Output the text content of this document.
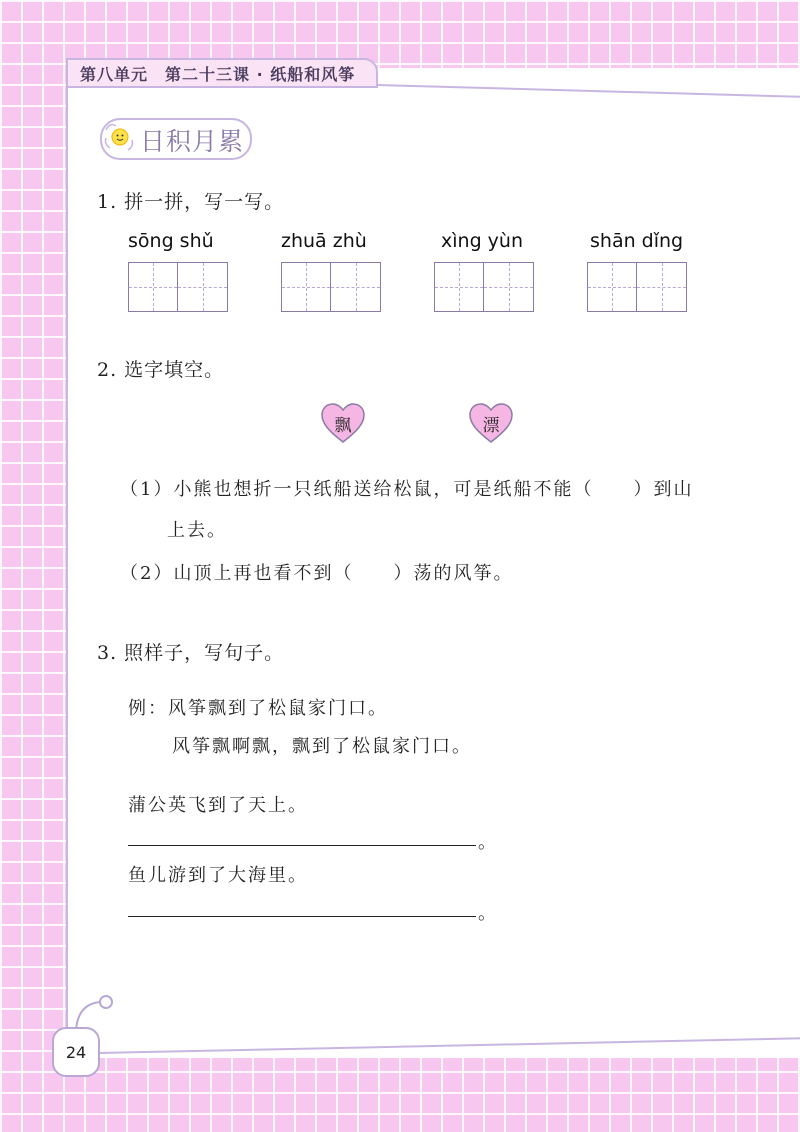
第八单元　第二十三课 · 纸船和风筝
日积月累
1. 拼一拼，写一写。
sōng shǔ	zhuā zhù	xìng yùn	shān dǐng
2. 选字填空。
飘	漂
（1）小熊也想折一只纸船送给松鼠，可是纸船不能（　　）到山
上去。
（2）山顶上再也看不到（　　）荡的风筝。
3. 照样子，写句子。
例：风筝飘到了松鼠家门口。
风筝飘啊飘，飘到了松鼠家门口。
蒲公英飞到了天上。
。
鱼儿游到了大海里。
。
24
